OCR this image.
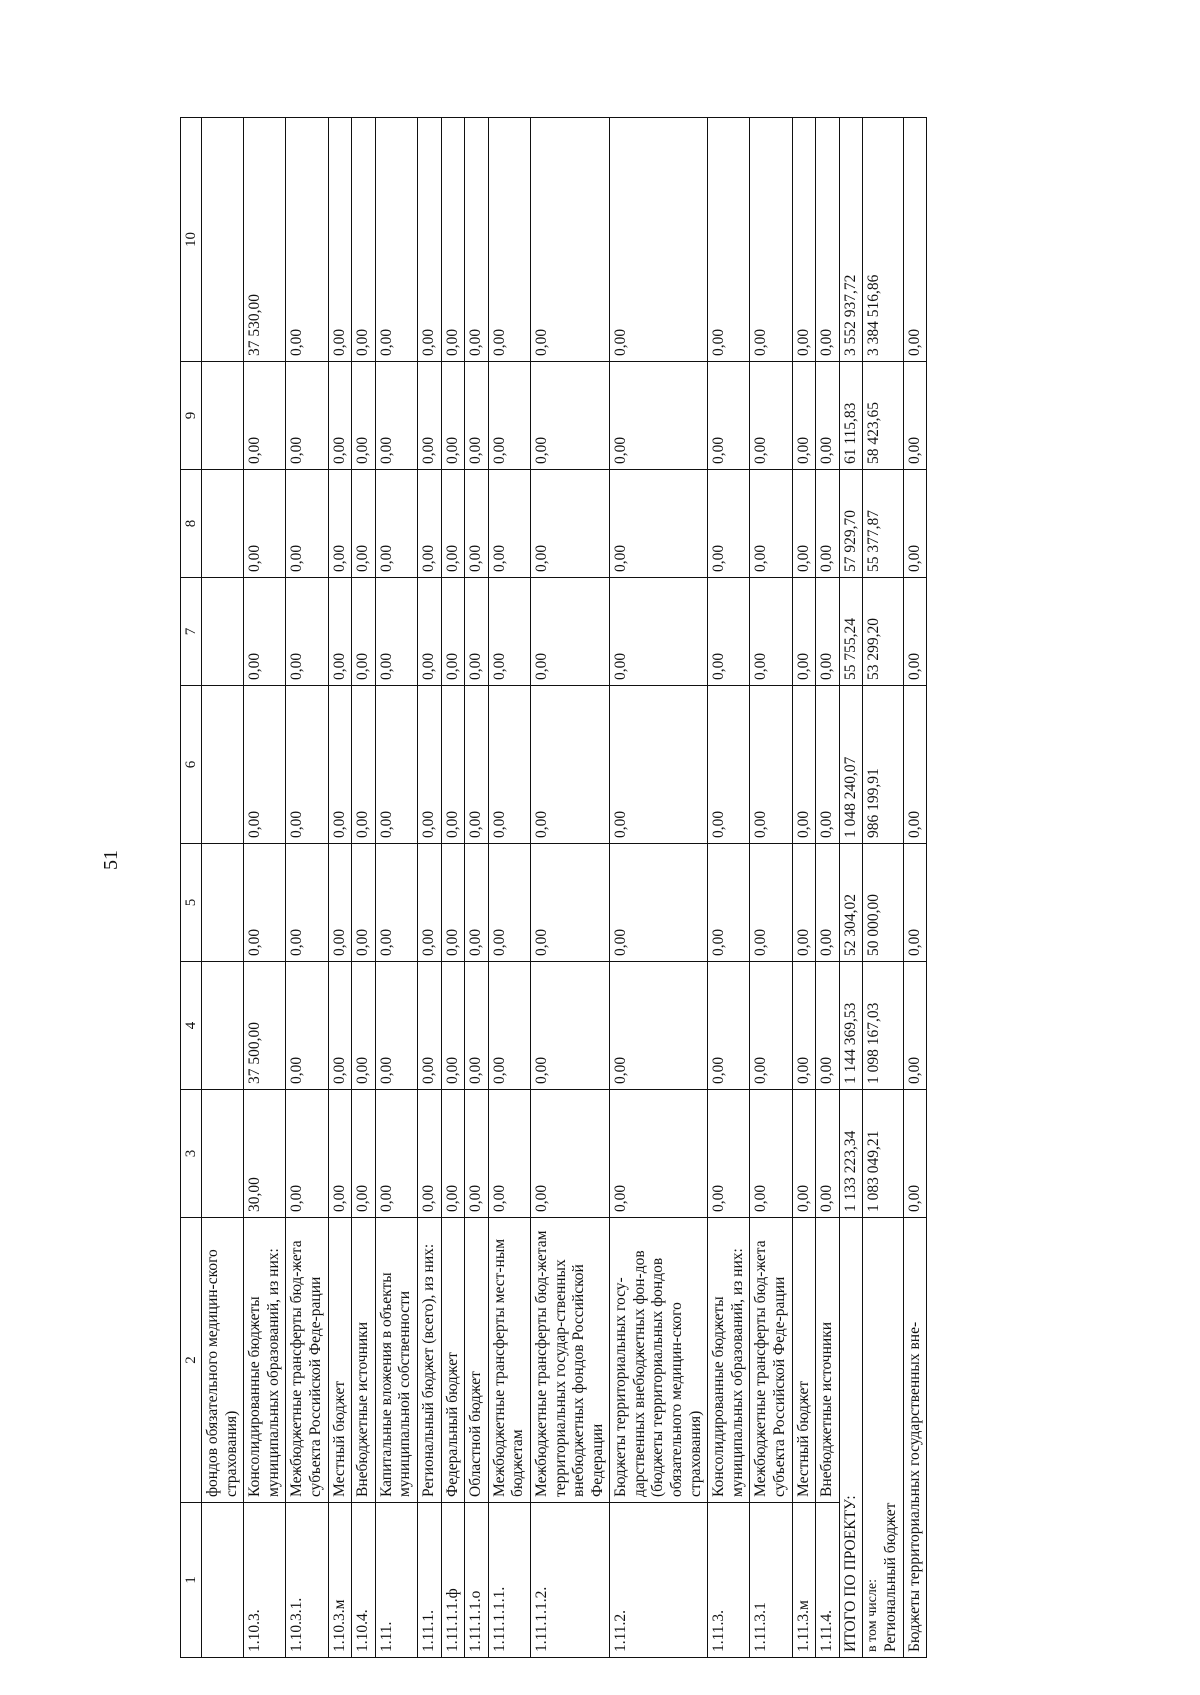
51
1	2	3	4	5	6	7	8	9	10
	фондов обязательного медицин-ского страхования)								
1.10.3.	Консолидированные бюджеты муниципальных образований, из них:	30,00	37 500,00	0,00	0,00	0,00	0,00	0,00	37 530,00
1.10.3.1.	Межбюджетные трансферты бюд-жета субъекта Российской Феде-рации	0,00	0,00	0,00	0,00	0,00	0,00	0,00	0,00
1.10.3.м	Местный бюджет	0,00	0,00	0,00	0,00	0,00	0,00	0,00	0,00
1.10.4.	Внебюджетные источники	0,00	0,00	0,00	0,00	0,00	0,00	0,00	0,00
1.11.	Капитальные вложения в объекты муниципальной собственности	0,00	0,00	0,00	0,00	0,00	0,00	0,00	0,00
1.11.1.	Региональный бюджет (всего), из них:	0,00	0,00	0,00	0,00	0,00	0,00	0,00	0,00
1.11.1.1.ф	Федеральный бюджет	0,00	0,00	0,00	0,00	0,00	0,00	0,00	0,00
1.11.1.1.о	Областной бюджет	0,00	0,00	0,00	0,00	0,00	0,00	0,00	0,00
1.11.1.1.1.	Межбюджетные трансферты мест-ным бюджетам	0,00	0,00	0,00	0,00	0,00	0,00	0,00	0,00
1.11.1.1.2.	Межбюджетные трансферты бюд-жетам территориальных государ-ственных внебюджетных фондов Российской Федерации	0,00	0,00	0,00	0,00	0,00	0,00	0,00	0,00
1.11.2.	Бюджеты территориальных госу-дарственных внебюджетных фон-дов (бюджеты территориальных фондов обязательного медицин-ского страхования)	0,00	0,00	0,00	0,00	0,00	0,00	0,00	0,00
1.11.3.	Консолидированные бюджеты муниципальных образований, из них:	0,00	0,00	0,00	0,00	0,00	0,00	0,00	0,00
1.11.3.1	Межбюджетные трансферты бюд-жета субъекта Российской Феде-рации	0,00	0,00	0,00	0,00	0,00	0,00	0,00	0,00
1.11.3.м	Местный бюджет	0,00	0,00	0,00	0,00	0,00	0,00	0,00	0,00
1.11.4.	Внебюджетные источники	0,00	0,00	0,00	0,00	0,00	0,00	0,00	0,00
ИТОГО ПО ПРОЕКТУ:		1 133 223,34	1 144 369,53	52 304,02	1 048 240,07	55 755,24	57 929,70	61 115,83	3 552 937,72

в том числе: Региональный бюджет		1 083 049,21	1 098 167,03	50 000,00	986 199,91	53 299,20	55 377,87	58 423,65	3 384 516,86
Бюджеты территориальных государственных вне-		0,00	0,00	0,00	0,00	0,00	0,00	0,00	0,00
